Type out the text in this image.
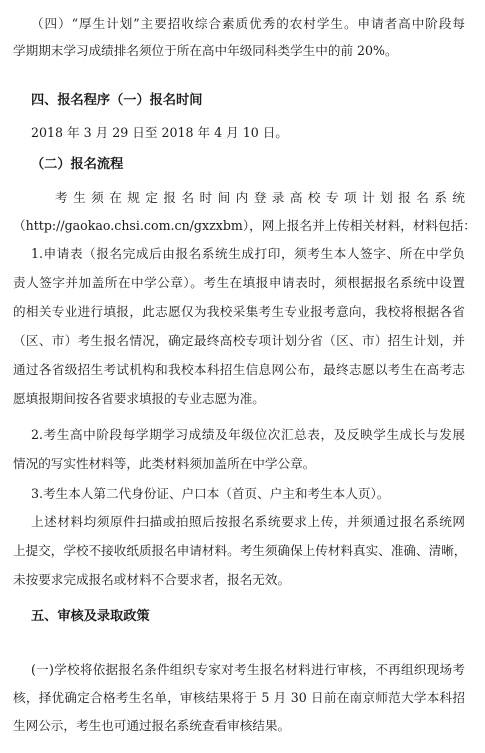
（四）“厚生计划”主要招收综合素质优秀的农村学生。申请者高中阶段每
学期期末学习成绩排名须位于所在高中年级同科类学生中的前 20%。
四、报名程序（一）报名时间
2018 年 3 月 29 日至 2018 年 4 月 10 日。
（二）报名流程
考生须在规定报名时间内登录高校专项计划报名系统
（http://gaokao.chsi.com.cn/gxzxbm），网上报名并上传相关材料，材料包括：
1.申请表（报名完成后由报名系统生成打印，须考生本人签字、所在中学负
责人签字并加盖所在中学公章）。考生在填报申请表时，须根据报名系统中设置
的相关专业进行填报，此志愿仅为我校采集考生专业报考意向，我校将根据各省
（区、市）考生报名情况，确定最终高校专项计划分省（区、市）招生计划，并
通过各省级招生考试机构和我校本科招生信息网公布，最终志愿以考生在高考志
愿填报期间按各省要求填报的专业志愿为准。
2.考生高中阶段每学期学习成绩及年级位次汇总表，及反映学生成长与发展
情况的写实性材料等，此类材料须加盖所在中学公章。
3.考生本人第二代身份证、户口本（首页、户主和考生本人页）。
上述材料均须原件扫描或拍照后按报名系统要求上传，并须通过报名系统网
上提交，学校不接收纸质报名申请材料。考生须确保上传材料真实、准确、清晰，
未按要求完成报名或材料不合要求者，报名无效。
五、审核及录取政策
(一)学校将依据报名条件组织专家对考生报名材料进行审核，不再组织现场考
核，择优确定合格考生名单，审核结果将于 5 月 30 日前在南京师范大学本科招
生网公示，考生也可通过报名系统查看审核结果。
